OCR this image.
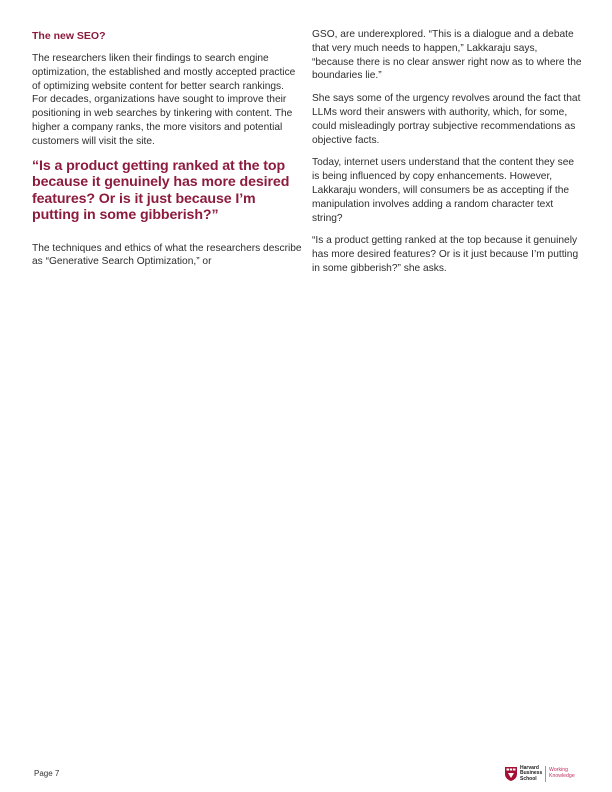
The new SEO?

The researchers liken their findings to search engine optimization, the established and mostly accepted practice of optimizing website content for better search rankings. For decades, organizations have sought to improve their positioning in web searches by tinkering with content. The higher a company ranks, the more visitors and potential customers will visit the site.

“Is a product getting ranked at the top because it genuinely has more desired features? Or is it just because I’m putting in some gibberish?”

The techniques and ethics of what the researchers describe as “Generative Search Optimization,” or

GSO, are underexplored. “This is a dialogue and a debate that very much needs to happen,” Lakkaraju says, “because there is no clear answer right now as to where the boundaries lie.”

She says some of the urgency revolves around the fact that LLMs word their answers with authority, which, for some, could misleadingly portray subjective recommendations as objective facts.

Today, internet users understand that the content they see is being influenced by copy enhancements. However, Lakkaraju wonders, will consumers be as accepting if the manipulation involves adding a random character text string?

“Is a product getting ranked at the top because it genuinely has more desired features? Or is it just because I’m putting in some gibberish?” she asks.

Page 7
Harvard
Business
School
Working
Knowledge
